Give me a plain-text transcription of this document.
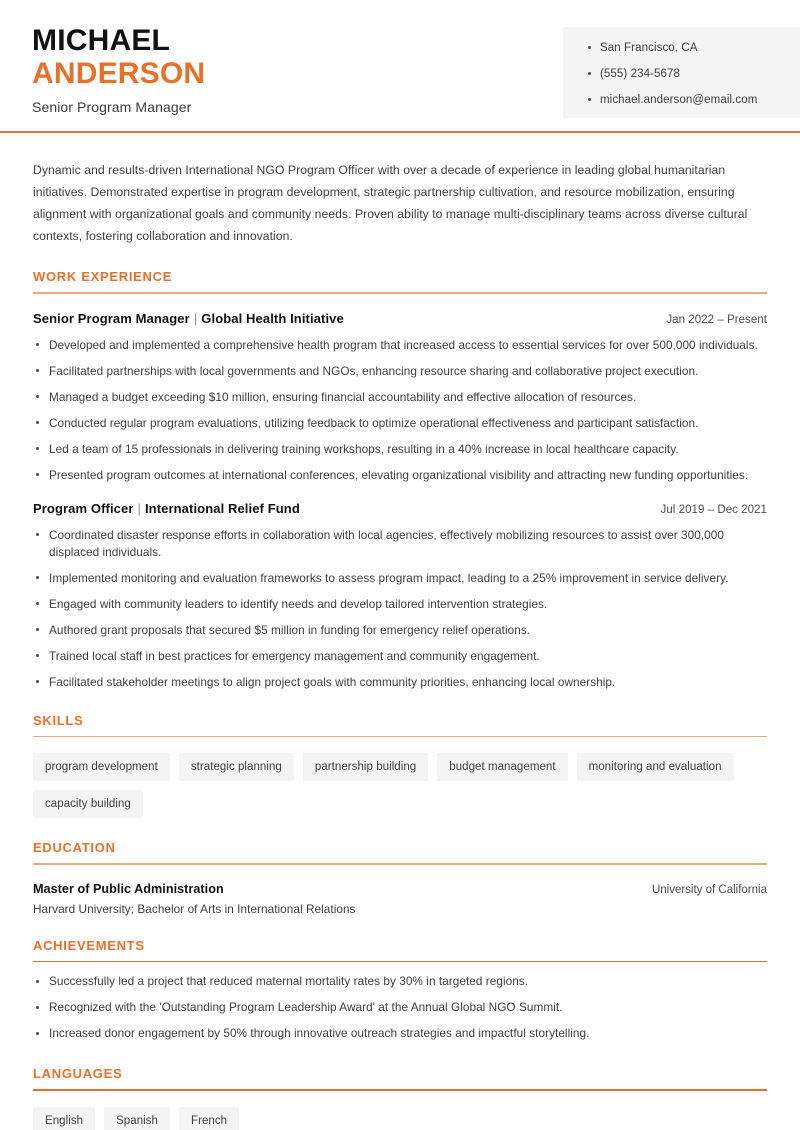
MICHAEL
ANDERSON
Senior Program Manager
San Francisco, CA
(555) 234-5678
michael.anderson@email.com
Dynamic and results-driven International NGO Program Officer with over a decade of experience in leading global humanitarian initiatives. Demonstrated expertise in program development, strategic partnership cultivation, and resource mobilization, ensuring alignment with organizational goals and community needs. Proven ability to manage multi-disciplinary teams across diverse cultural contexts, fostering collaboration and innovation.
WORK EXPERIENCE
Senior Program Manager | Global Health Initiative	Jan 2022 – Present
Developed and implemented a comprehensive health program that increased access to essential services for over 500,000 individuals.
Facilitated partnerships with local governments and NGOs, enhancing resource sharing and collaborative project execution.
Managed a budget exceeding $10 million, ensuring financial accountability and effective allocation of resources.
Conducted regular program evaluations, utilizing feedback to optimize operational effectiveness and participant satisfaction.
Led a team of 15 professionals in delivering training workshops, resulting in a 40% increase in local healthcare capacity.
Presented program outcomes at international conferences, elevating organizational visibility and attracting new funding opportunities.
Program Officer | International Relief Fund	Jul 2019 – Dec 2021
Coordinated disaster response efforts in collaboration with local agencies, effectively mobilizing resources to assist over 300,000 displaced individuals.
Implemented monitoring and evaluation frameworks to assess program impact, leading to a 25% improvement in service delivery.
Engaged with community leaders to identify needs and develop tailored intervention strategies.
Authored grant proposals that secured $5 million in funding for emergency relief operations.
Trained local staff in best practices for emergency management and community engagement.
Facilitated stakeholder meetings to align project goals with community priorities, enhancing local ownership.
SKILLS
program development	strategic planning	partnership building	budget management	monitoring and evaluation
capacity building
EDUCATION
Master of Public Administration	University of California
Harvard University; Bachelor of Arts in International Relations
ACHIEVEMENTS
Successfully led a project that reduced maternal mortality rates by 30% in targeted regions.
Recognized with the 'Outstanding Program Leadership Award' at the Annual Global NGO Summit.
Increased donor engagement by 50% through innovative outreach strategies and impactful storytelling.
LANGUAGES
English	Spanish	French
